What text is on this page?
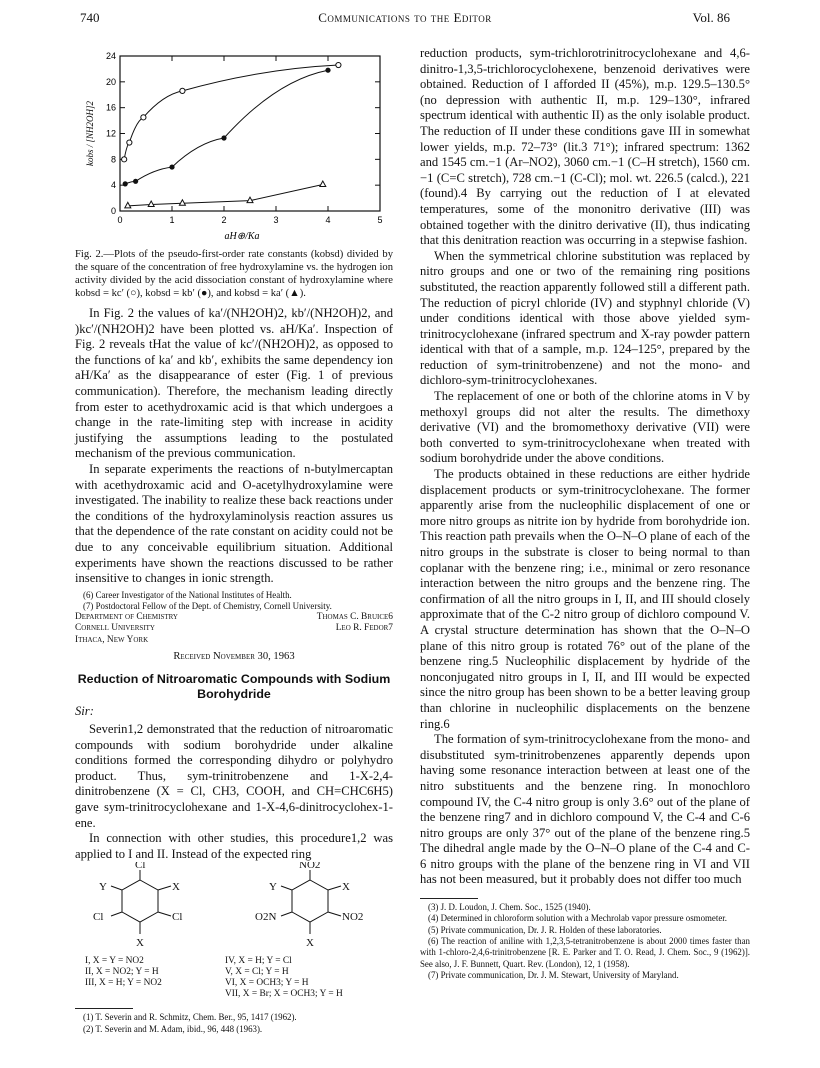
740	Communications to the Editor	Vol. 86
0	1	2	3	4	5
0
4
8
12
16
20
24
aH⊕/Ka
kobs / [NH2OH]2

Fig. 2.—Plots of the pseudo-first-order rate constants (kobsd) divided by the square of the concentration of free hydroxylamine vs. the hydrogen ion activity divided by the acid dissociation constant of hydroxylamine where kobsd = kc′ (○), kobsd = kb′ (●), and kobsd = ka′ (▲).

In Fig. 2 the values of ka′/(NH2OH)2, kb′/(NH2OH)2, and )kc′/(NH2OH)2 have been plotted vs. aH/Ka′. Inspection of Fig. 2 reveals tHat the value of kc′/(NH2OH)2, as opposed to the functions of ka′ and kb′, exhibits the same dependency ion aH/Ka′ as the disappearance of ester (Fig. 1 of previous communication). Therefore, the mechanism leading directly from ester to acethydroxamic acid is that which undergoes a change in the rate-limiting step with increase in acidity justifying the assumptions leading to the postulated mechanism of the previous communication.

In separate experiments the reactions of n-butylmercaptan with acethydroxamic acid and O-acetylhydroxylamine were investigated. The inability to realize these back reactions under the conditions of the hydroxylaminolysis reaction assures us that the dependence of the rate constant on acidity could not be due to any conceivable equilibrium situation. Additional experiments have shown the reactions discussed to be rather insensitive to changes in ionic strength.

(6) Career Investigator of the National Institutes of Health.

(7) Postdoctoral Fellow of the Dept. of Chemistry, Cornell University.

Department of Chemistry	Thomas C. Bruice6
Cornell University	Leo R. Fedor7
Ithaca, New York
Received November 30, 1963
Reduction of Nitroaromatic Compounds with Sodium Borohydride

Sir:

Severin1,2 demonstrated that the reduction of nitroaromatic compounds with sodium borohydride under alkaline conditions formed the corresponding dihydro or polyhydro product. Thus, sym-trinitrobenzene and 1-X-2,4-dinitrobenzene (X = Cl, CH3, COOH, and CH=CHC6H5) gave sym-trinitrocyclohexane and 1-X-4,6-dinitrocyclohex-1-ene.

In connection with other studies, this procedure1,2 was applied to I and II. Instead of the expected ring

Cl
Y	X
Cl	Cl
X
NO2
Y	X
O2N	NO2
X
I, X = Y = NO2
II, X = NO2; Y = H
III, X = H; Y = NO2
IV, X = H; Y = Cl
V, X = Cl; Y = H
VI, X = OCH3; Y = H
VII, X = Br; X = OCH3; Y = H

(1) T. Severin and R. Schmitz, Chem. Ber., 95, 1417 (1962).

(2) T. Severin and M. Adam, ibid., 96, 448 (1963).

reduction products, sym-trichlorotrinitrocyclohexane and 4,6-dinitro-1,3,5-trichlorocyclohexene, benzenoid derivatives were obtained. Reduction of I afforded II (45%), m.p. 129.5–130.5° (no depression with authentic II, m.p. 129–130°, infrared spectrum identical with authentic II) as the only isolable product. The reduction of II under these conditions gave III in somewhat lower yields, m.p. 72–73° (lit.3 71°); infrared spectrum: 1362 and 1545 cm.−1 (Ar–NO2), 3060 cm.−1 (C–H stretch), 1560 cm.−1 (C=C stretch), 728 cm.−1 (C-Cl); mol. wt. 226.5 (calcd.), 221 (found).4 By carrying out the reduction of I at elevated temperatures, some of the mononitro derivative (III) was obtained together with the dinitro derivative (II), thus indicating that this denitration reaction was occurring in a stepwise fashion.

When the symmetrical chlorine substitution was replaced by nitro groups and one or two of the remaining ring positions substituted, the reaction apparently followed still a different path. The reduction of picryl chloride (IV) and styphnyl chloride (V) under conditions identical with those above yielded sym-trinitrocyclohexane (infrared spectrum and X-ray powder pattern identical with that of a sample, m.p. 124–125°, prepared by the reduction of sym-trinitrobenzene) and not the mono- and dichloro-sym-trinitrocyclohexanes.

The replacement of one or both of the chlorine atoms in V by methoxyl groups did not alter the results. The dimethoxy derivative (VI) and the bromomethoxy derivative (VII) were both converted to sym-trinitrocyclohexane when treated with sodium borohydride under the above conditions.

The products obtained in these reductions are either hydride displacement products or sym-trinitrocyclohexane. The former apparently arise from the nucleophilic displacement of one or more nitro groups as nitrite ion by hydride from borohydride ion. This reaction path prevails when the O–N–O plane of each of the nitro groups in the substrate is closer to being normal to than coplanar with the benzene ring; i.e., minimal or zero resonance interaction between the nitro groups and the benzene ring. The confirmation of all the nitro groups in I, II, and III should closely approximate that of the C-2 nitro group of dichloro compound V. A crystal structure determination has shown that the O–N–O plane of this nitro group is rotated 76° out of the plane of the benzene ring.5 Nucleophilic displacement by hydride of the nonconjugated nitro groups in I, II, and III would be expected since the nitro group has been shown to be a better leaving group than chlorine in nucleophilic displacements on the benzene ring.6

The formation of sym-trinitrocyclohexane from the mono- and disubstituted sym-trinitrobenzenes apparently depends upon having some resonance interaction between at least one of the nitro substituents and the benzene ring. In monochloro compound IV, the C-4 nitro group is only 3.6° out of the plane of the benzene ring7 and in dichloro compound V, the C-4 and C-6 nitro groups are only 37° out of the plane of the benzene ring.5 The dihedral angle made by the O–N–O plane of the C-4 and C-6 nitro groups with the plane of the benzene ring in VI and VII has not been measured, but it probably does not differ too much

(3) J. D. Loudon, J. Chem. Soc., 1525 (1940).

(4) Determined in chloroform solution with a Mechrolab vapor pressure osmometer.

(5) Private communication, Dr. J. R. Holden of these laboratories.

(6) The reaction of aniline with 1,2,3,5-tetranitrobenzene is about 2000 times faster than with 1-chloro-2,4,6-trinitrobenzene [R. E. Parker and T. O. Read, J. Chem. Soc., 9 (1962)]. See also, J. F. Bunnett, Quart. Rev. (London), 12, 1 (1958).

(7) Private communication, Dr. J. M. Stewart, University of Maryland.
